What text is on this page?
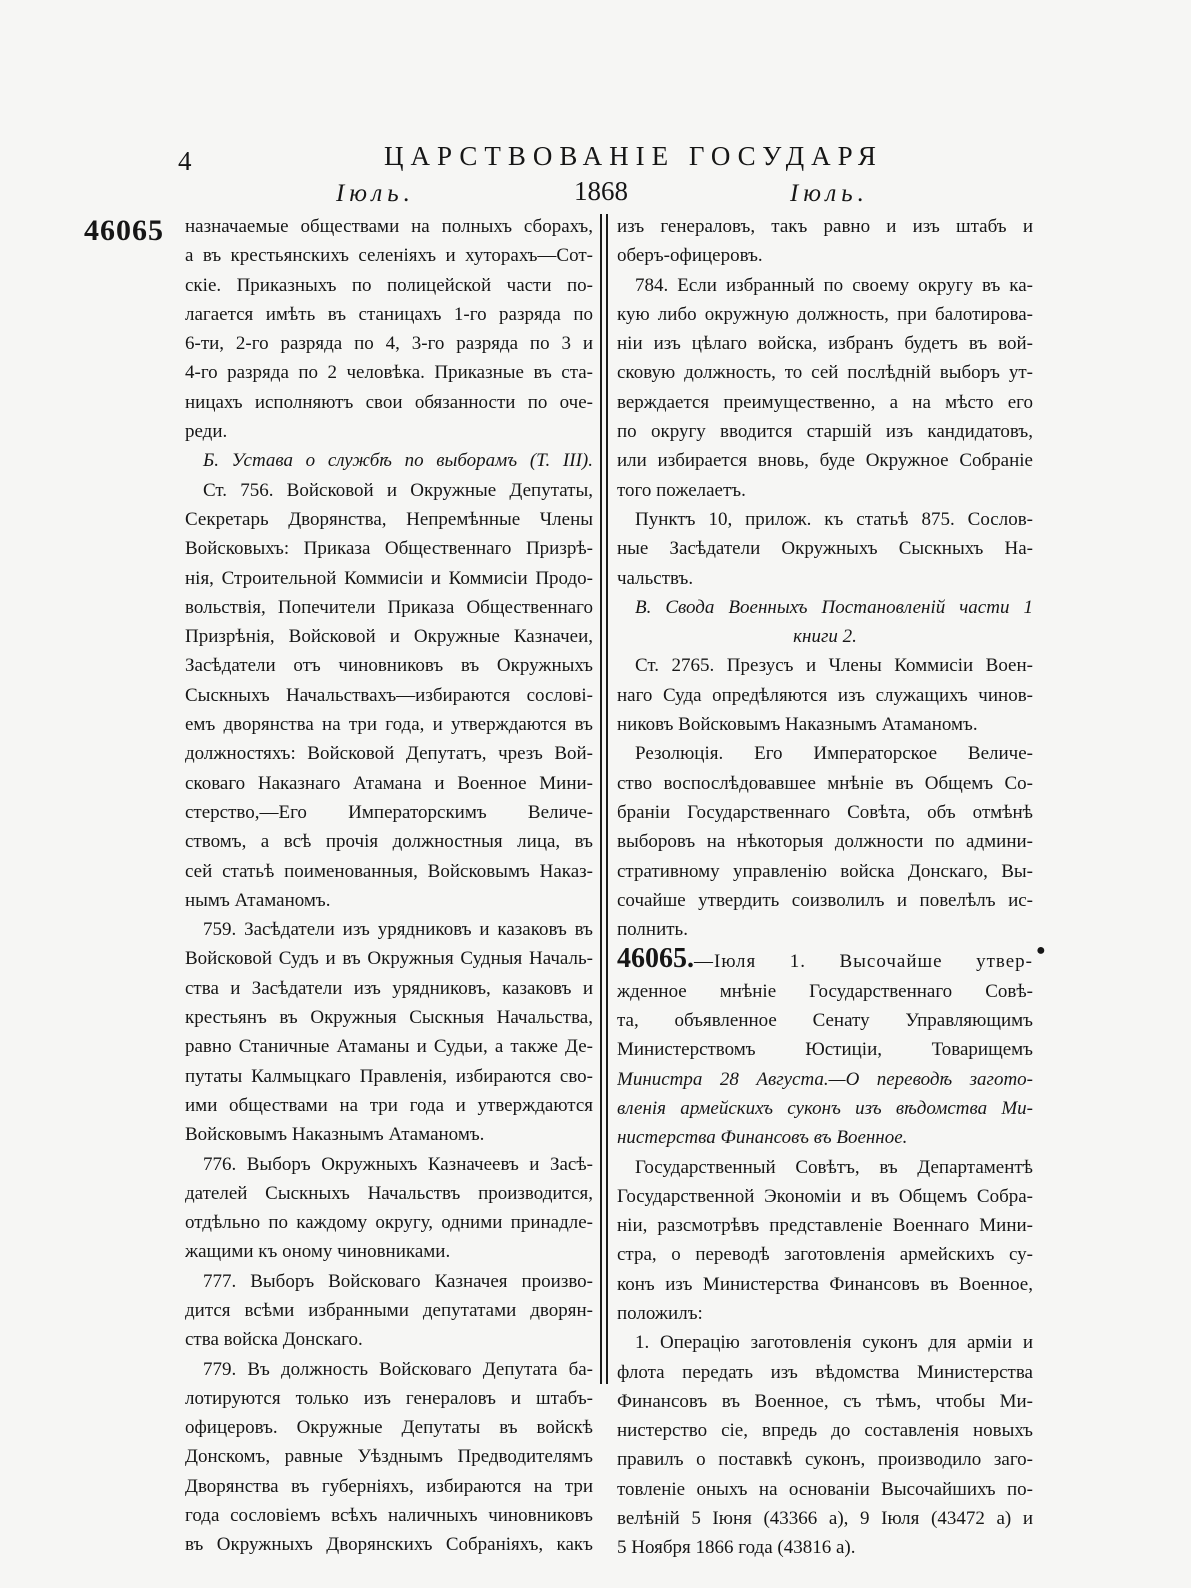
4	ЦАРСТВОВАНІЕ ГОСУДАРЯ
Iюль.	1868	Iюль.
46065 назначаемые обществами на полныхъ сборахъ,
а въ крестьянскихъ селеніяхъ и хуторахъ—Сот-
скіе. Приказныхъ по полицейской части по-
лагается имѣть въ станицахъ 1-го разряда по
6-ти, 2-го разряда по 4, 3-го разряда по 3 и
4-го разряда по 2 человѣка. Приказные въ ста-
ницахъ исполняютъ свои обязанности по оче-
реди.
Б. Устава о службѣ по выборамъ (Т. III).
Ст. 756. Войсковой и Окружные Депутаты,
Секретарь Дворянства, Непремѣнные Члены
Войсковыхъ: Приказа Общественнаго Призрѣ-
нія, Строительной Коммисіи и Коммисіи Продо-
вольствія, Попечители Приказа Общественнаго
Призрѣнія, Войсковой и Окружные Казначеи,
Засѣдатели отъ чиновниковъ въ Окружныхъ
Сыскныхъ Начальствахъ—избираются сослові-
емъ дворянства на три года, и утверждаются въ
должностяхъ: Войсковой Депутатъ, чрезъ Вой-
сковаго Наказнаго Атамана и Военное Мини-
стерство,—Его Императорскимъ Величе-
ствомъ, а всѣ прочія должностныя лица, въ
сей статьѣ поименованныя, Войсковымъ Наказ-
нымъ Атаманомъ.
759. Засѣдатели изъ урядниковъ и казаковъ въ
Войсковой Судъ и въ Окружныя Судныя Началь-
ства и Засѣдатели изъ урядниковъ, казаковъ и
крестьянъ въ Окружныя Сыскныя Начальства,
равно Станичные Атаманы и Судьи, а также Де-
путаты Калмыцкаго Правленія, избираются сво-
ими обществами на три года и утверждаются
Войсковымъ Наказнымъ Атаманомъ.
776. Выборъ Окружныхъ Казначеевъ и Засѣ-
дателей Сыскныхъ Начальствъ производится,
отдѣльно по каждому округу, одними принадле-
жащими къ оному чиновниками.
777. Выборъ Войсковаго Казначея произво-
дится всѣми избранными депутатами дворян-
ства войска Донскаго.
779. Въ должность Войсковаго Депутата ба-
лотируются только изъ генераловъ и штабъ-
офицеровъ. Окружные Депутаты въ войскѣ
Донскомъ, равные Уѣзднымъ Предводителямъ
Дворянства въ губерніяхъ, избираются на три
года сословіемъ всѣхъ наличныхъ чиновниковъ
въ Окружныхъ Дворянскихъ Собраніяхъ, какъ
изъ генераловъ, такъ равно и изъ штабъ и
оберъ-офицеровъ.
784. Если избранный по своему округу въ ка-
кую либо окружную должность, при балотирова-
ніи изъ цѣлаго войска, избранъ будетъ въ вой-
сковую должность, то сей послѣдній выборъ ут-
верждается преимущественно, а на мѣсто его
по округу вводится старшій изъ кандидатовъ,
или избирается вновь, буде Окружное Собраніе
того пожелаетъ.
Пунктъ 10, прилож. къ статьѣ 875. Сослов-
ные Засѣдатели Окружныхъ Сыскныхъ На-
чальствъ.
В. Свода Военныхъ Постановленій части 1
книги 2.
Ст. 2765. Презусъ и Члены Коммисіи Воен-
наго Суда опредѣляются изъ служащихъ чинов-
никовъ Войсковымъ Наказнымъ Атаманомъ.
Резолюція. Его Императорское Величе-
ство воспослѣдовавшее мнѣніе въ Общемъ Со-
браніи Государственнаго Совѣта, объ отмѣнѣ
выборовъ на нѣкоторыя должности по админи-
стративному управленію войска Донскаго, Вы-
сочайше утвердить соизволилъ и повелѣлъ ис-
полнить.
46065.—Іюля 1. Высочайше утвер-
жденное мнѣніе Государственнаго Совѣ-
та, объявленное Сенату Управляющимъ
Министерствомъ Юстиціи, Товарищемъ
Министра 28 Августа.—О переводѣ загото-
вленія армейскихъ суконъ изъ вѣдомства Ми-
нистерства Финансовъ въ Военное.
Государственный Совѣтъ, въ Департаментѣ
Государственной Экономіи и въ Общемъ Собра-
ніи, разсмотрѣвъ представленіе Военнаго Мини-
стра, о переводѣ заготовленія армейскихъ су-
конъ изъ Министерства Финансовъ въ Военное,
положилъ:
1. Операцію заготовленія суконъ для арміи и
флота передать изъ вѣдомства Министерства
Финансовъ въ Военное, съ тѣмъ, чтобы Ми-
нистерство сіе, впредь до составленія новыхъ
правилъ о поставкѣ суконъ, производило заго-
товленіе оныхъ на основаніи Высочайшихъ по-
велѣній 5 Іюня (43366 а), 9 Іюля (43472 а) и
5 Ноября 1866 года (43816 а).
●
